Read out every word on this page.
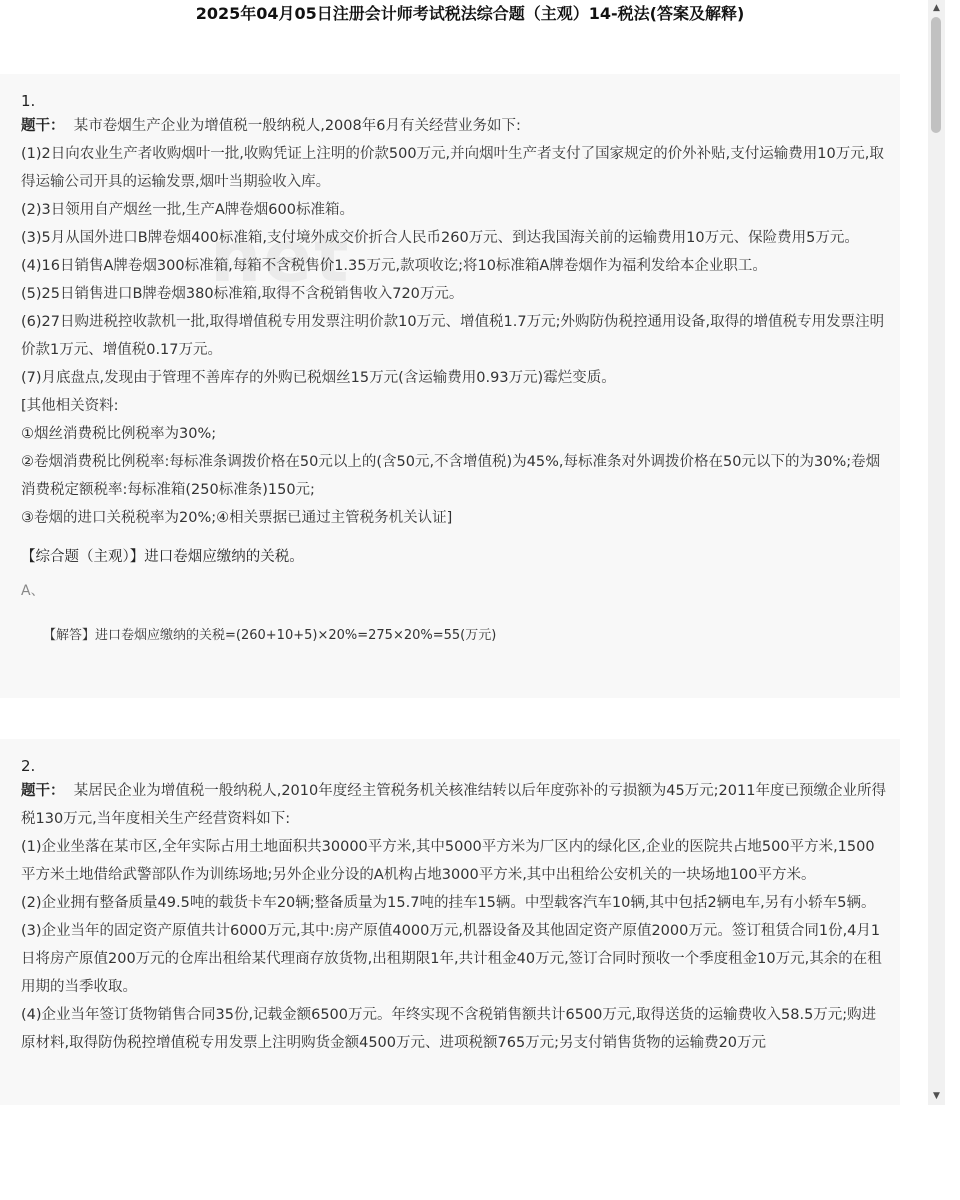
2025年04月05日注册会计师考试税法综合题（主观）14-税法(答案及解释)
net
1.

题干： 某市卷烟生产企业为增值税一般纳税人,2008年6月有关经营业务如下:

(1)2日向农业生产者收购烟叶一批,收购凭证上注明的价款500万元,并向烟叶生产者支付了国家规定的价外补贴,支付运输费用10万元,取得运输公司开具的运输发票,烟叶当期验收入库。

(2)3日领用自产烟丝一批,生产A牌卷烟600标准箱。

(3)5月从国外进口B牌卷烟400标准箱,支付境外成交价折合人民币260万元、到达我国海关前的运输费用10万元、保险费用5万元。

(4)16日销售A牌卷烟300标准箱,每箱不含税售价1.35万元,款项收讫;将10标准箱A牌卷烟作为福利发给本企业职工。

(5)25日销售进口B牌卷烟380标准箱,取得不含税销售收入720万元。

(6)27日购进税控收款机一批,取得增值税专用发票注明价款10万元、增值税1.7万元;外购防伪税控通用设备,取得的增值税专用发票注明价款1万元、增值税0.17万元。

(7)月底盘点,发现由于管理不善库存的外购已税烟丝15万元(含运输费用0.93万元)霉烂变质。

[其他相关资料:

①烟丝消费税比例税率为30%;

②卷烟消费税比例税率:每标准条调拨价格在50元以上的(含50元,不含增值税)为45%,每标准条对外调拨价格在50元以下的为30%;卷烟消费税定额税率:每标准箱(250标准条)150元;

③卷烟的进口关税税率为20%;④相关票据已通过主管税务机关认证]

【综合题（主观）】进口卷烟应缴纳的关税。
A、
【解答】进口卷烟应缴纳的关税=(260+10+5)×20%=275×20%=55(万元)
2.

题干： 某居民企业为增值税一般纳税人,2010年度经主管税务机关核准结转以后年度弥补的亏损额为45万元;2011年度已预缴企业所得税130万元,当年度相关生产经营资料如下:

(1)企业坐落在某市区,全年实际占用土地面积共30000平方米,其中5000平方米为厂区内的绿化区,企业的医院共占地500平方米,1500平方米土地借给武警部队作为训练场地;另外企业分设的A机构占地3000平方米,其中出租给公安机关的一块场地100平方米。

(2)企业拥有整备质量49.5吨的载货卡车20辆;整备质量为15.7吨的挂车15辆。中型载客汽车10辆,其中包括2辆电车,另有小轿车5辆。

(3)企业当年的固定资产原值共计6000万元,其中:房产原值4000万元,机器设备及其他固定资产原值2000万元。签订租赁合同1份,4月1日将房产原值200万元的仓库出租给某代理商存放货物,出租期限1年,共计租金40万元,签订合同时预收一个季度租金10万元,其余的在租用期的当季收取。

(4)企业当年签订货物销售合同35份,记载金额6500万元。年终实现不含税销售额共计6500万元,取得送货的运输费收入58.5万元;购进原材料,取得防伪税控增值税专用发票上注明购货金额4500万元、进项税额765万元;另支付销售货物的运输费20万元

▲
▼
